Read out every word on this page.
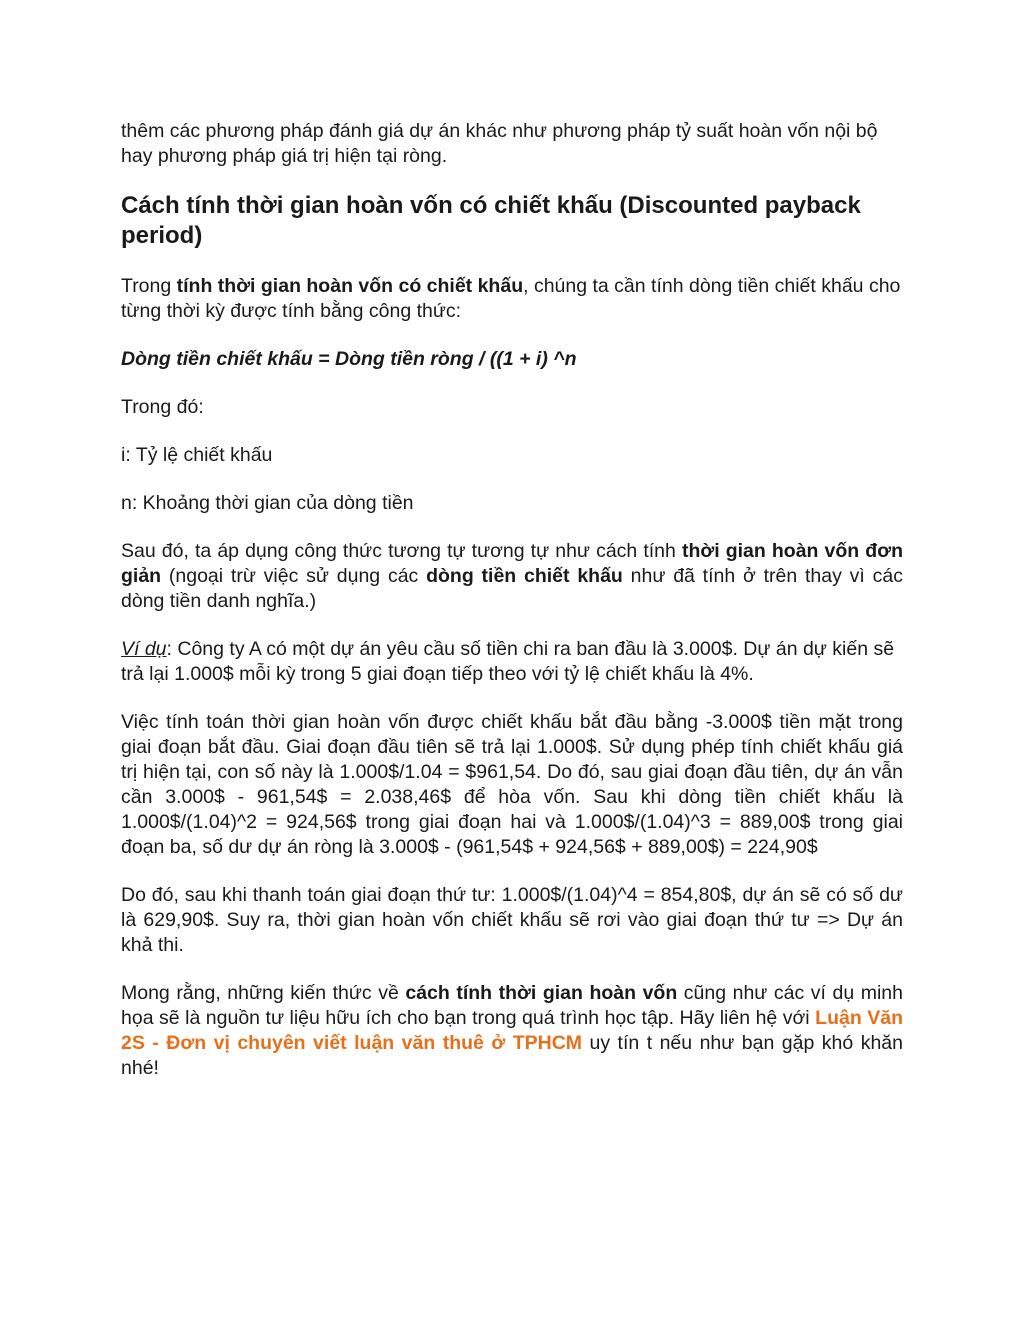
thêm các phương pháp đánh giá dự án khác như phương pháp tỷ suất hoàn vốn nội bộ hay phương pháp giá trị hiện tại ròng.

Cách tính thời gian hoàn vốn có chiết khấu (Discounted payback period)

Trong tính thời gian hoàn vốn có chiết khấu, chúng ta cần tính dòng tiền chiết khấu cho từng thời kỳ được tính bằng công thức:

Dòng tiền chiết khấu = Dòng tiền ròng / ((1 + i) ^n

Trong đó:

i: Tỷ lệ chiết khấu

n: Khoảng thời gian của dòng tiền

Sau đó, ta áp dụng công thức tương tự tương tự như cách tính thời gian hoàn vốn đơn giản (ngoại trừ việc sử dụng các dòng tiền chiết khấu như đã tính ở trên thay vì các dòng tiền danh nghĩa.)

Ví dụ: Công ty A có một dự án yêu cầu số tiền chi ra ban đầu là 3.000$. Dự án dự kiến sẽ trả lại 1.000$ mỗi kỳ trong 5 giai đoạn tiếp theo với tỷ lệ chiết khấu là 4%.

Việc tính toán thời gian hoàn vốn được chiết khấu bắt đầu bằng -3.000$ tiền mặt trong giai đoạn bắt đầu. Giai đoạn đầu tiên sẽ trả lại 1.000$. Sử dụng phép tính chiết khấu giá trị hiện tại, con số này là 1.000$/1.04 = $961,54. Do đó, sau giai đoạn đầu tiên, dự án vẫn cần 3.000$ - 961,54$ = 2.038,46$ để hòa vốn. Sau khi dòng tiền chiết khấu là 1.000$/(1.04)^2 = 924,56$ trong giai đoạn hai và 1.000$/(1.04)^3 = 889,00$ trong giai đoạn ba, số dư dự án ròng là 3.000$ - (961,54$ + 924,56$ + 889,00$) = 224,90$

Do đó, sau khi thanh toán giai đoạn thứ tư: 1.000$/(1.04)^4 = 854,80$, dự án sẽ có số dư là 629,90$. Suy ra, thời gian hoàn vốn chiết khấu sẽ rơi vào giai đoạn thứ tư => Dự án khả thi.

Mong rằng, những kiến thức về cách tính thời gian hoàn vốn cũng như các ví dụ minh họa sẽ là nguồn tư liệu hữu ích cho bạn trong quá trình học tập. Hãy liên hệ với Luận Văn 2S - Đơn vị chuyên viết luận văn thuê ở TPHCM uy tín t nếu như bạn gặp khó khăn nhé!
